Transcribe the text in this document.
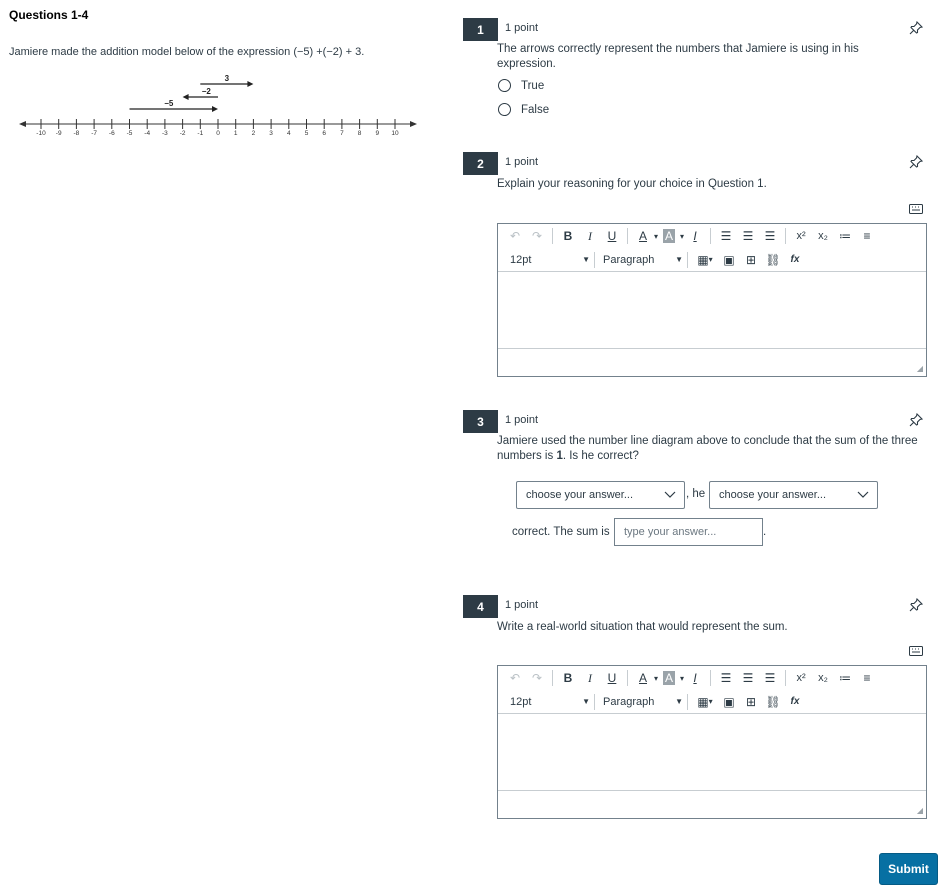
Questions 1-4
Jamiere made the addition model below of the expression (−5) +(−2) + 3.
-10 -9 -8 -7 -6 -5 -4 -3 -2 -1 0 1 2 3 4 5 6 7 8 9 10
3
−2
−5
1	1 point
The arrows correctly represent the numbers that Jamiere is using in his expression.
True
False
2	1 point
Explain your reasoning for your choice in Question 1.
↶ ↷	B	I	U	A ▾ A ▾ I	☰ ☰ ☰	x²	x₂ ≔	≡
12pt	▼ Paragraph	▼	▦ ▾ ▣ ⊞ ⛓ fx
◢
3	1 point
Jamiere used the number line diagram above to conclude that the sum of the three numbers is 1. Is he correct?
choose your answer...	, he choose your answer...
correct. The sum is type your answer...	.
4	1 point
Write a real-world situation that would represent the sum.
↶ ↷	B	I	U	A ▾ A ▾ I	☰ ☰ ☰	x²	x₂ ≔	≡
12pt	▼ Paragraph	▼	▦ ▾ ▣ ⊞ ⛓ fx
◢
Submit
